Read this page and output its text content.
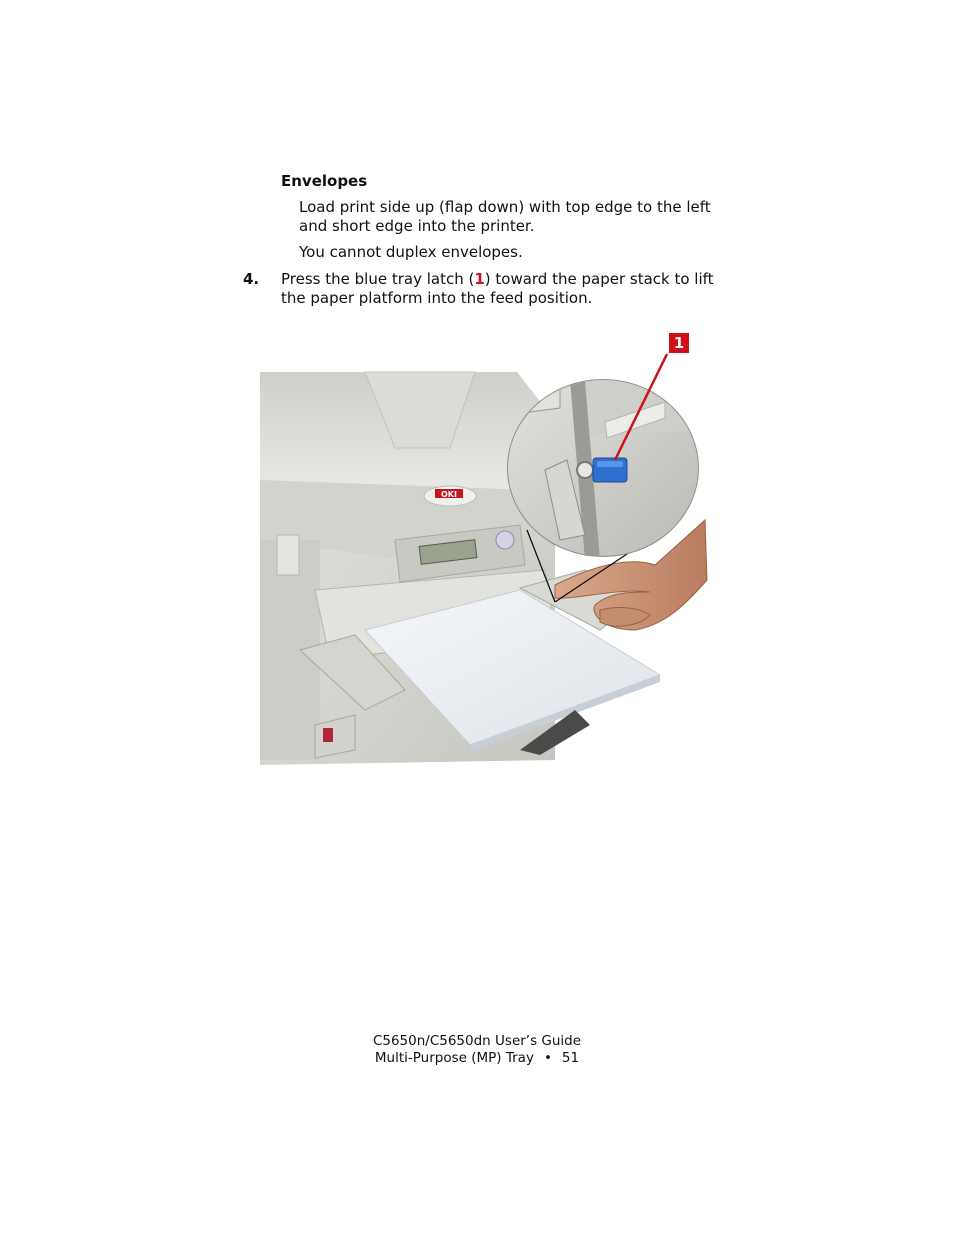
Envelopes

Load print side up (flap down) with top edge to the left and short edge into the printer.

You cannot duplex envelopes.

4. Press the blue tray latch (1) toward the paper stack to lift the paper platform into the feed position.

OKI
1
C5650n/C5650dn User’s Guide
Multi-Purpose (MP) Tray • 51
